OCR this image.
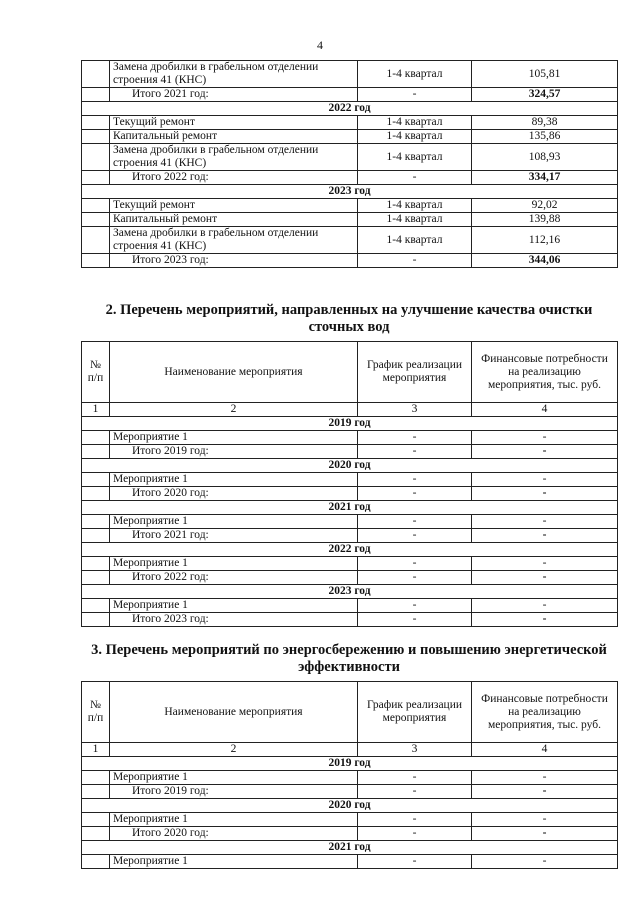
4
	Замена дробилки в грабельном отделении строения 41 (КНС)	1-4 квартал	105,81
	Итого 2021 год:	-	324,57
2022 год			
	Текущий ремонт	1-4 квартал	89,38
	Капитальный ремонт	1-4 квартал	135,86
	Замена дробилки в грабельном отделении строения 41 (КНС)	1-4 квартал	108,93
	Итого 2022 год:	-	334,17
2023 год			
	Текущий ремонт	1-4 квартал	92,02
	Капитальный ремонт	1-4 квартал	139,88
	Замена дробилки в грабельном отделении строения 41 (КНС)	1-4 квартал	112,16
	Итого 2023 год:	-	344,06
2. Перечень мероприятий, направленных на улучшение качества очистки сточных вод
№ п/п	Наименование мероприятия	График реализации мероприятия	Финансовые потребности на реализацию мероприятия, тыс. руб.
1	2	3	4
2019 год			
	Мероприятие 1	-	-
	Итого 2019 год:	-	-
2020 год			
	Мероприятие 1	-	-
	Итого 2020 год:	-	-
2021 год			
	Мероприятие 1	-	-
	Итого 2021 год:	-	-
2022 год			
	Мероприятие 1	-	-
	Итого 2022 год:	-	-
2023 год			
	Мероприятие 1	-	-
	Итого 2023 год:	-	-
3. Перечень мероприятий по энергосбережению и повышению энергетической эффективности
№ п/п	Наименование мероприятия	График реализации мероприятия	Финансовые потребности на реализацию мероприятия, тыс. руб.
1	2	3	4
2019 год			
	Мероприятие 1	-	-
	Итого 2019 год:	-	-
2020 год			
	Мероприятие 1	-	-
	Итого 2020 год:	-	-
2021 год			
	Мероприятие 1	-	-
